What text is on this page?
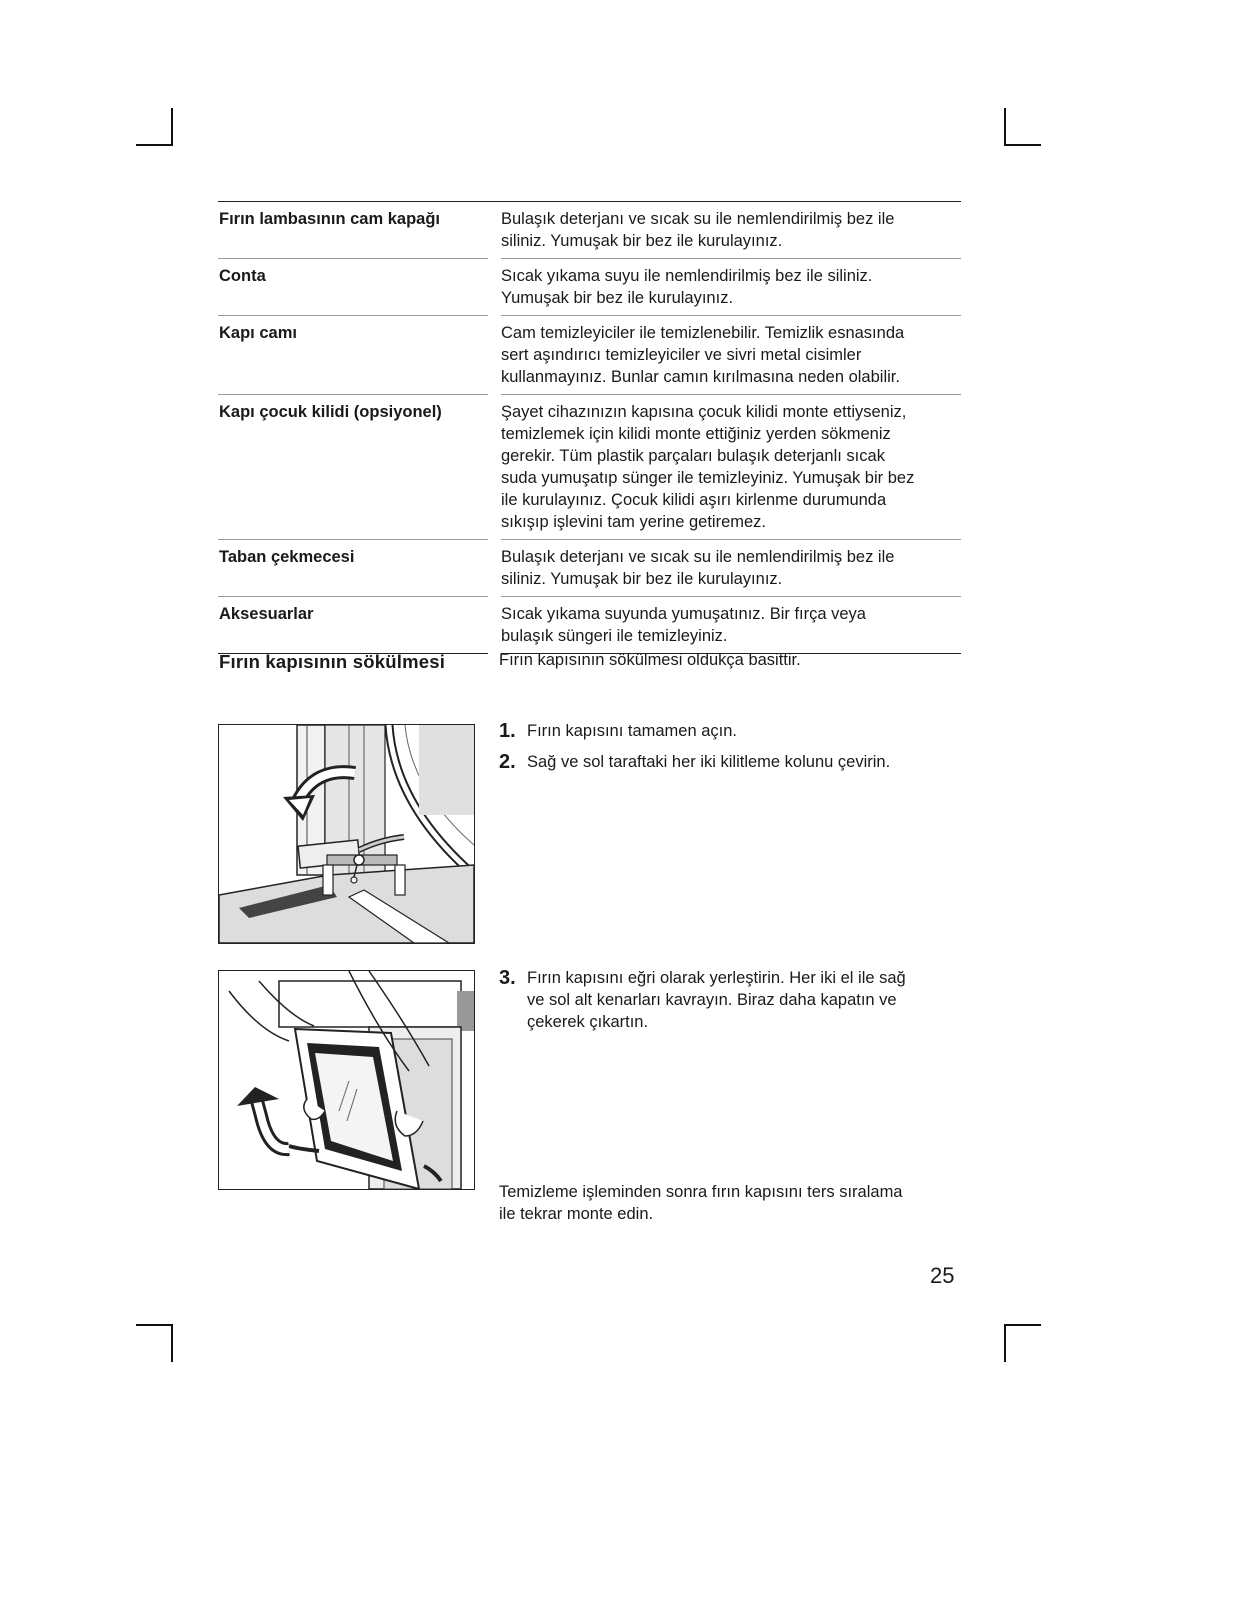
Fırın lambasının cam kapağı	Bulaşık deterjanı ve sıcak su ile nemlendirilmiş bez ile
siliniz. Yumuşak bir bez ile kurulayınız.
Conta	Sıcak yıkama suyu ile nemlendirilmiş bez ile siliniz.
Yumuşak bir bez ile kurulayınız.
Kapı camı	Cam temizleyiciler ile temizlenebilir. Temizlik esnasında
sert aşındırıcı temizleyiciler ve sivri metal cisimler
kullanmayınız. Bunlar camın kırılmasına neden olabilir.
Kapı çocuk kilidi (opsiyonel)	Şayet cihazınızın kapısına çocuk kilidi monte ettiyseniz,
temizlemek için kilidi monte ettiğiniz yerden sökmeniz
gerekir. Tüm plastik parçaları bulaşık deterjanlı sıcak
suda yumuşatıp sünger ile temizleyiniz. Yumuşak bir bez
ile kurulayınız. Çocuk kilidi aşırı kirlenme durumunda
sıkışıp işlevini tam yerine getiremez.
Taban çekmecesi	Bulaşık deterjanı ve sıcak su ile nemlendirilmiş bez ile
siliniz. Yumuşak bir bez ile kurulayınız.
Aksesuarlar	Sıcak yıkama suyunda yumuşatınız. Bir fırça veya
bulaşık süngeri ile temizleyiniz.
Fırın kapısının sökülmesi	Fırın kapısının sökülmesi oldukça basittir.
1. Fırın kapısını tamamen açın.
2. Sağ ve sol taraftaki her iki kilitleme kolunu çevirin.
3. Fırın kapısını eğri olarak yerleştirin. Her iki el ile sağ
ve sol alt kenarları kavrayın. Biraz daha kapatın ve
çekerek çıkartın.
Temizleme işleminden sonra fırın kapısını ters sıralama
ile tekrar monte edin.
25
